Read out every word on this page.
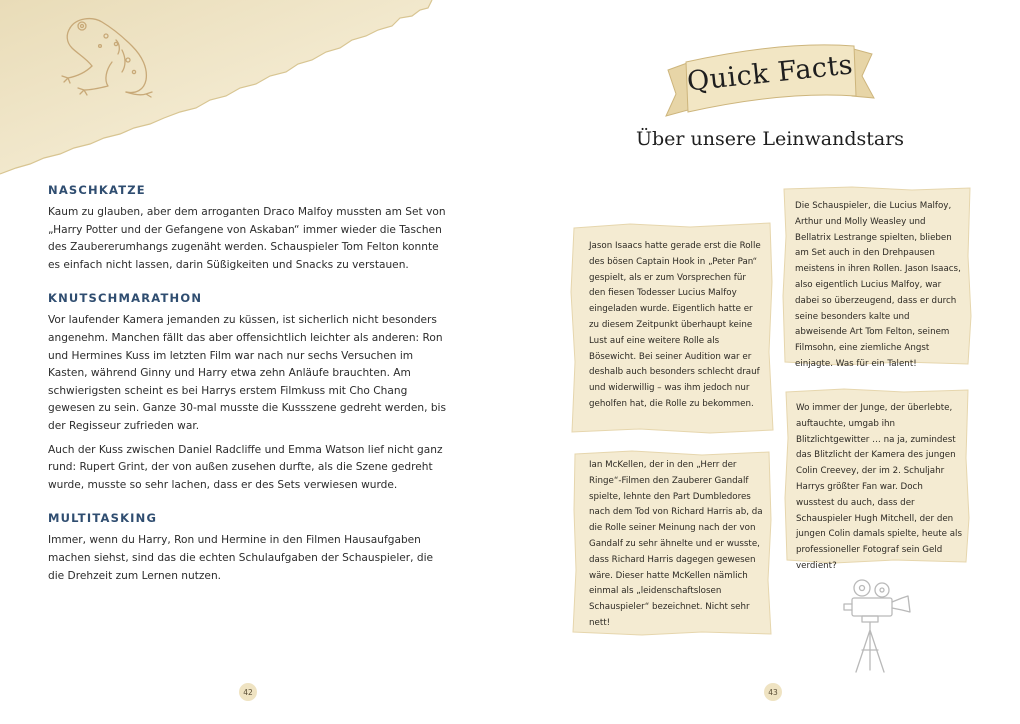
NASCHKATZE

Kaum zu glauben, aber dem arroganten Draco Malfoy mussten am Set von „Harry Potter und der Gefangene von Askaban“ immer wieder die Taschen des Zaubererumhangs zugenäht werden. Schauspieler Tom Felton konnte es einfach nicht lassen, darin Süßigkeiten und Snacks zu verstauen.

KNUTSCHMARATHON

Vor laufender Kamera jemanden zu küssen, ist sicherlich nicht besonders angenehm. Manchen fällt das aber offensichtlich leichter als anderen: Ron und Hermines Kuss im letzten Film war nach nur sechs Versuchen im Kasten, während Ginny und Harry etwa zehn Anläufe brauchten. Am schwierigsten scheint es bei Harrys erstem Filmkuss mit Cho Chang gewesen zu sein. Ganze 30-mal musste die Kussszene gedreht werden, bis der Regisseur zufrieden war.

Auch der Kuss zwischen Daniel Radcliffe und Emma Watson lief nicht ganz rund: Rupert Grint, der von außen zusehen durfte, als die Szene gedreht wurde, musste so sehr lachen, dass er des Sets verwiesen wurde.

MULTITASKING

Immer, wenn du Harry, Ron und Hermine in den Filmen Hausaufgaben machen siehst, sind das die echten Schulaufgaben der Schauspieler, die die Drehzeit zum Lernen nutzen.

42
Quick Facts
Über unsere Leinwandstars

Jason Isaacs hatte gerade erst die Rolle des bösen Captain Hook in „Peter Pan“ gespielt, als er zum Vorsprechen für den fiesen Todesser Lucius Malfoy eingeladen wurde. Eigentlich hatte er zu diesem Zeitpunkt überhaupt keine Lust auf eine weitere Rolle als Bösewicht. Bei seiner Audition war er deshalb auch besonders schlecht drauf und widerwillig – was ihm jedoch nur geholfen hat, die Rolle zu bekommen.

Die Schauspieler, die Lucius Malfoy, Arthur und Molly Weasley und Bellatrix Lestrange spielten, blieben am Set auch in den Drehpausen meistens in ihren Rollen. Jason Isaacs, also eigentlich Lucius Malfoy, war dabei so überzeugend, dass er durch seine besonders kalte und abweisende Art Tom Felton, seinem Filmsohn, eine ziemliche Angst einjagte. Was für ein Talent!

Ian McKellen, der in den „Herr der Ringe“-Filmen den Zauberer Gandalf spielte, lehnte den Part Dumbledores nach dem Tod von Richard Harris ab, da die Rolle seiner Meinung nach der von Gandalf zu sehr ähnelte und er wusste, dass Richard Harris dagegen gewesen wäre. Dieser hatte McKellen nämlich einmal als „leidenschaftslosen Schauspieler“ bezeichnet. Nicht sehr nett!

Wo immer der Junge, der überlebte, auftauchte, umgab ihn Blitzlichtgewitter … na ja, zumindest das Blitzlicht der Kamera des jungen Colin Creevey, der im 2. Schuljahr Harrys größter Fan war. Doch wusstest du auch, dass der Schauspieler Hugh Mitchell, der den jungen Colin damals spielte, heute als professioneller Fotograf sein Geld verdient?

43
